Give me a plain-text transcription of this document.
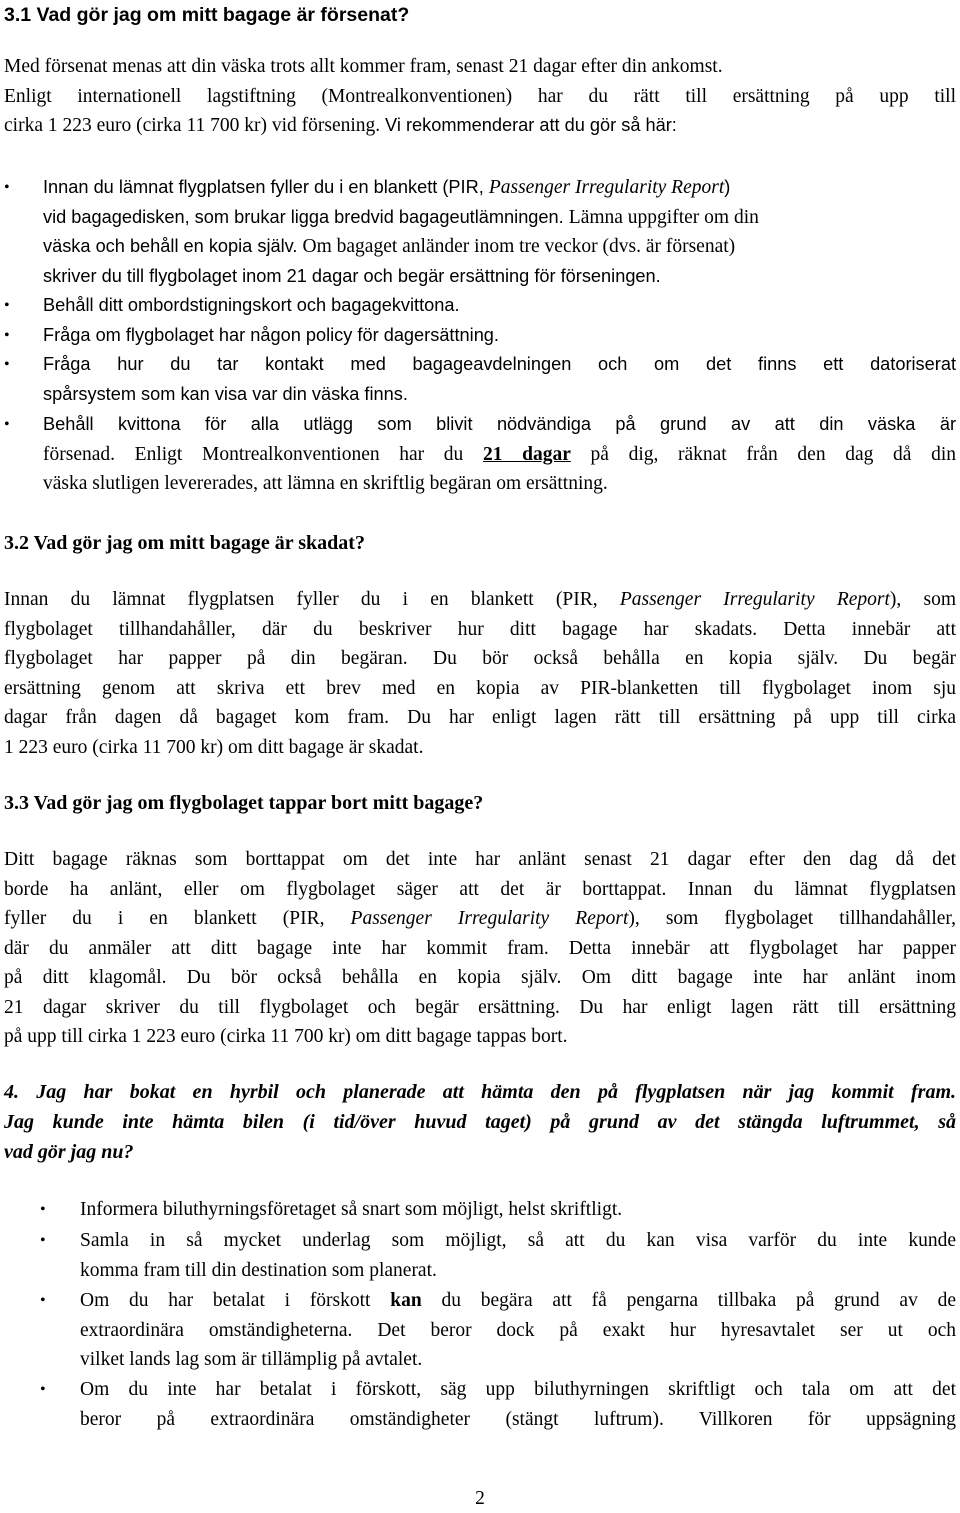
3.1 Vad gör jag om mitt bagage är försenat?
Med försenat menas att din väska trots allt kommer fram, senast 21 dagar efter din ankomst.
Enligt internationell lagstiftning (Montrealkonventionen) har du rätt till ersättning på upp till
cirka 1 223 euro (cirka 11 700 kr) vid försening. Vi rekommenderar att du gör så här:
•	Innan du lämnat flygplatsen fyller du i en blankett (PIR, Passenger Irregularity Report)
vid bagagedisken, som brukar ligga bredvid bagageutlämningen. Lämna uppgifter om din
väska och behåll en kopia själv. Om bagaget anländer inom tre veckor (dvs. är försenat)
skriver du till flygbolaget inom 21 dagar och begär ersättning för förseningen.
•	Behåll ditt ombordstigningskort och bagagekvittona.
•	Fråga om flygbolaget har någon policy för dagersättning.
•	Fråga hur du tar kontakt med bagageavdelningen och om det finns ett datoriserat
spårsystem som kan visa var din väska finns.
•	Behåll kvittona för alla utlägg som blivit nödvändiga på grund av att din väska är
försenad. Enligt Montrealkonventionen har du 21 dagar på dig, räknat från den dag då din
väska slutligen levererades, att lämna en skriftlig begäran om ersättning.
3.2 Vad gör jag om mitt bagage är skadat?
Innan du lämnat flygplatsen fyller du i en blankett (PIR, Passenger Irregularity Report), som
flygbolaget tillhandahåller, där du beskriver hur ditt bagage har skadats. Detta innebär att
flygbolaget har papper på din begäran. Du bör också behålla en kopia själv. Du begär
ersättning genom att skriva ett brev med en kopia av PIR-blanketten till flygbolaget inom sju
dagar från dagen då bagaget kom fram. Du har enligt lagen rätt till ersättning på upp till cirka
1 223 euro (cirka 11 700 kr) om ditt bagage är skadat.
3.3 Vad gör jag om flygbolaget tappar bort mitt bagage?
Ditt bagage räknas som borttappat om det inte har anlänt senast 21 dagar efter den dag då det
borde ha anlänt, eller om flygbolaget säger att det är borttappat. Innan du lämnat flygplatsen
fyller du i en blankett (PIR, Passenger Irregularity Report), som flygbolaget tillhandahåller,
där du anmäler att ditt bagage inte har kommit fram. Detta innebär att flygbolaget har papper
på ditt klagomål. Du bör också behålla en kopia själv. Om ditt bagage inte har anlänt inom
21 dagar skriver du till flygbolaget och begär ersättning. Du har enligt lagen rätt till ersättning
på upp till cirka 1 223 euro (cirka 11 700 kr) om ditt bagage tappas bort.
4. Jag har bokat en hyrbil och planerade att hämta den på flygplatsen när jag kommit fram.
Jag kunde inte hämta bilen (i tid/över huvud taget) på grund av det stängda luftrummet, så
vad gör jag nu?
•	Informera biluthyrningsföretaget så snart som möjligt, helst skriftligt.
•	Samla in så mycket underlag som möjligt, så att du kan visa varför du inte kunde
komma fram till din destination som planerat.
•	Om du har betalat i förskott kan du begära att få pengarna tillbaka på grund av de
extraordinära omständigheterna. Det beror dock på exakt hur hyresavtalet ser ut och
vilket lands lag som är tillämplig på avtalet.
•	Om du inte har betalat i förskott, säg upp biluthyrningen skriftligt och tala om att det
beror på extraordinära omständigheter (stängt luftrum). Villkoren för uppsägning
2
